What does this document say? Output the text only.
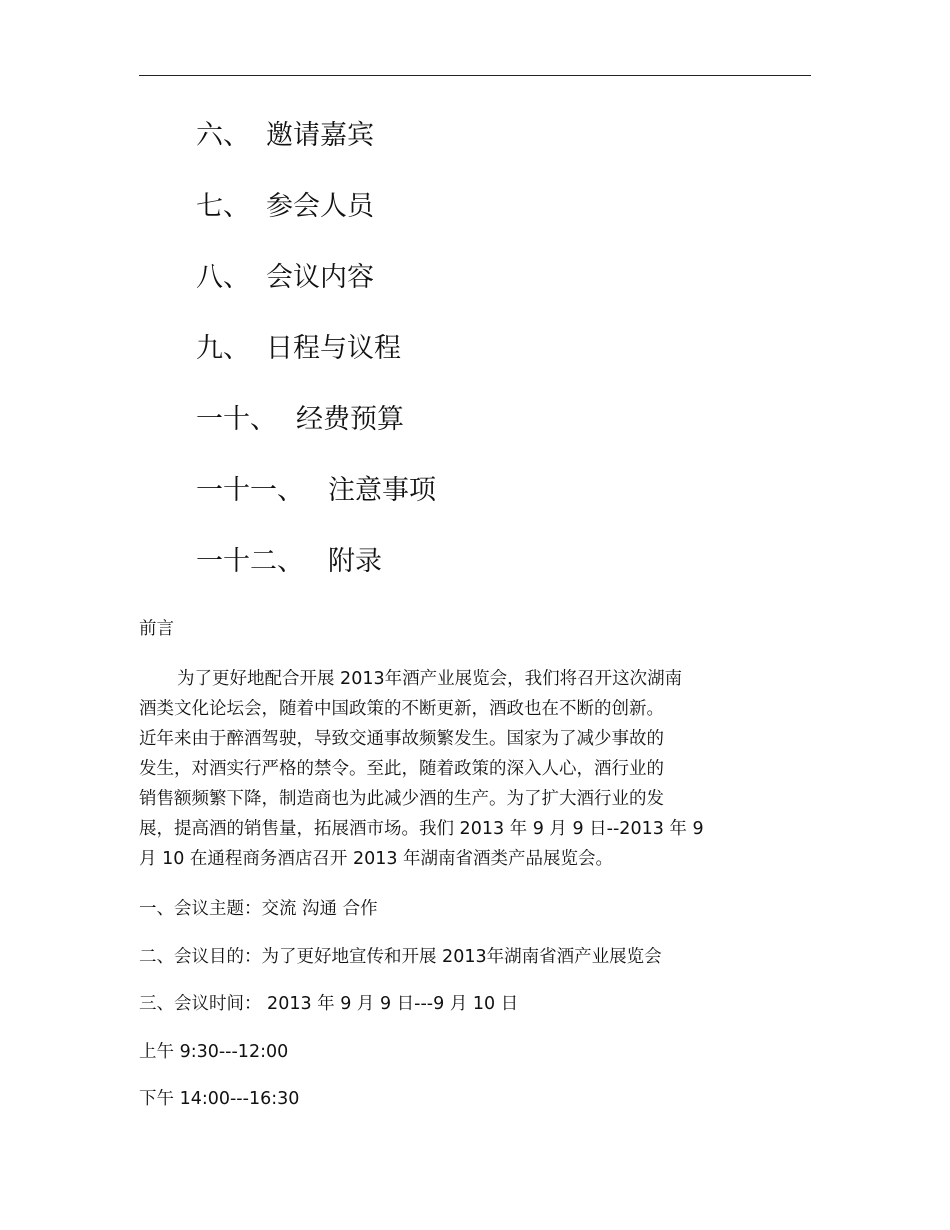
六、 邀请嘉宾
七、 参会人员
八、 会议内容
九、 日程与议程
一十、 经费预算
一十一、 注意事项
一十二、 附录
前言
为了更好地配合开展 2013年酒产业展览会，我们将召开这次湖南
酒类文化论坛会，随着中国政策的不断更新，酒政也在不断的创新。
近年来由于醉酒驾驶，导致交通事故频繁发生。国家为了减少事故的
发生，对酒实行严格的禁令。至此，随着政策的深入人心，酒行业的
销售额频繁下降，制造商也为此减少酒的生产。为了扩大酒行业的发
展，提高酒的销售量，拓展酒市场。我们 2013 年 9 月 9 日--2013 年 9
月 10 在通程商务酒店召开 2013 年湖南省酒类产品展览会。
一、会议主题：交流 沟通 合作
二、会议目的：为了更好地宣传和开展 2013年湖南省酒产业展览会
三、会议时间： 2013 年 9 月 9 日---9 月 10 日
上午 9:30---12:00
下午 14:00---16:30
